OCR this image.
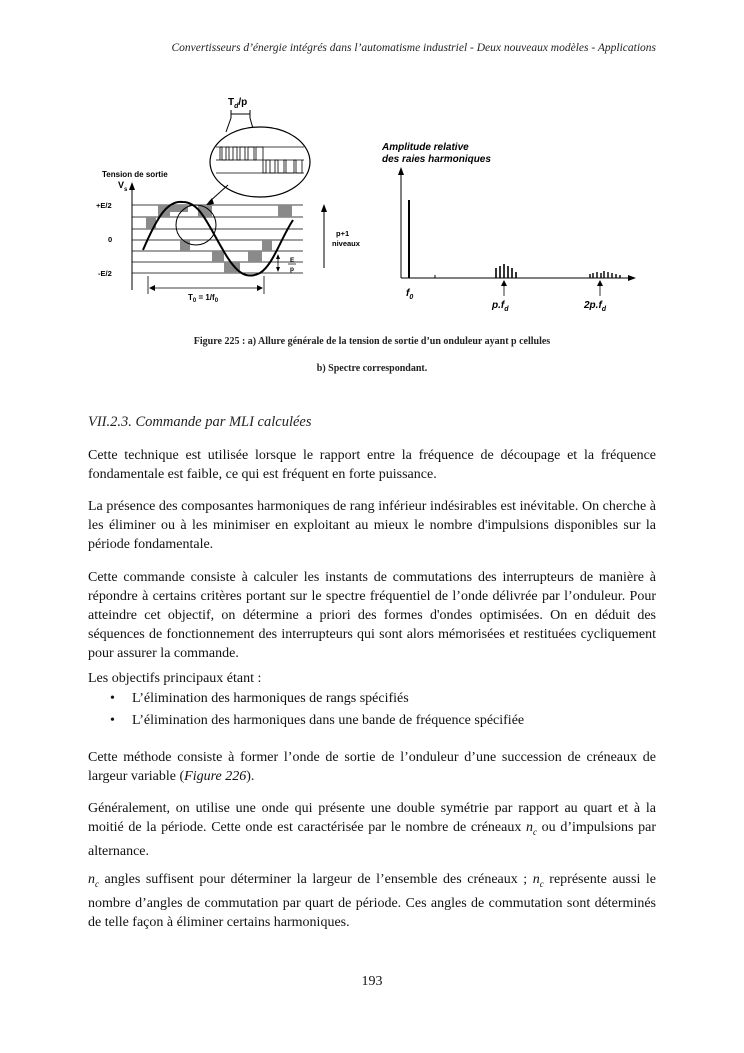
Convertisseurs d’énergie intégrés dans l’automatisme industriel - Deux nouveaux modèles - Applications
$T_d/p$
Tension de sortie
$V_s$
+E/2
0
-E/2
p+1
niveaux
E
p
$T_0 = 1/f_0$
Amplitude relative
des raies harmoniques
$f_0$
$p.f_d$	$2p.f_d$
Figure 225 : a) Allure générale de la tension de sortie d’un onduleur ayant p cellules
b) Spectre correspondant.
VII.2.3. Commande par MLI calculées

Cette technique est utilisée lorsque le rapport entre la fréquence de découpage et la fréquence fondamentale est faible, ce qui est fréquent en forte puissance.

La présence des composantes harmoniques de rang inférieur indésirables est inévitable. On cherche à les éliminer ou à les minimiser en exploitant au mieux le nombre d'impulsions disponibles sur la période fondamentale.

Cette commande consiste à calculer les instants de commutations des interrupteurs de manière à répondre à certains critères portant sur le spectre fréquentiel de l’onde délivrée par l’onduleur. Pour atteindre cet objectif, on détermine a priori des formes d'ondes optimisées. On en déduit des séquences de fonctionnement des interrupteurs qui sont alors mémorisées et restituées cycliquement pour assurer la commande.

Les objectifs principaux étant :

• L’élimination des harmoniques de rangs spécifiés
• L’élimination des harmoniques dans une bande de fréquence spécifiée

Cette méthode consiste à former l’onde de sortie de l’onduleur d’une succession de créneaux de largeur variable (Figure 226).

Généralement, on utilise une onde qui présente une double symétrie par rapport au quart et à la moitié de la période. Cette onde est caractérisée par le nombre de créneaux $n_c$ ou d’impulsions par alternance.

$n_c$ angles suffisent pour déterminer la largeur de l’ensemble des créneaux ; $n_c$ représente aussi le nombre d’angles de commutation par quart de période. Ces angles de commutation sont déterminés de telle façon à éliminer certains harmoniques.

193
